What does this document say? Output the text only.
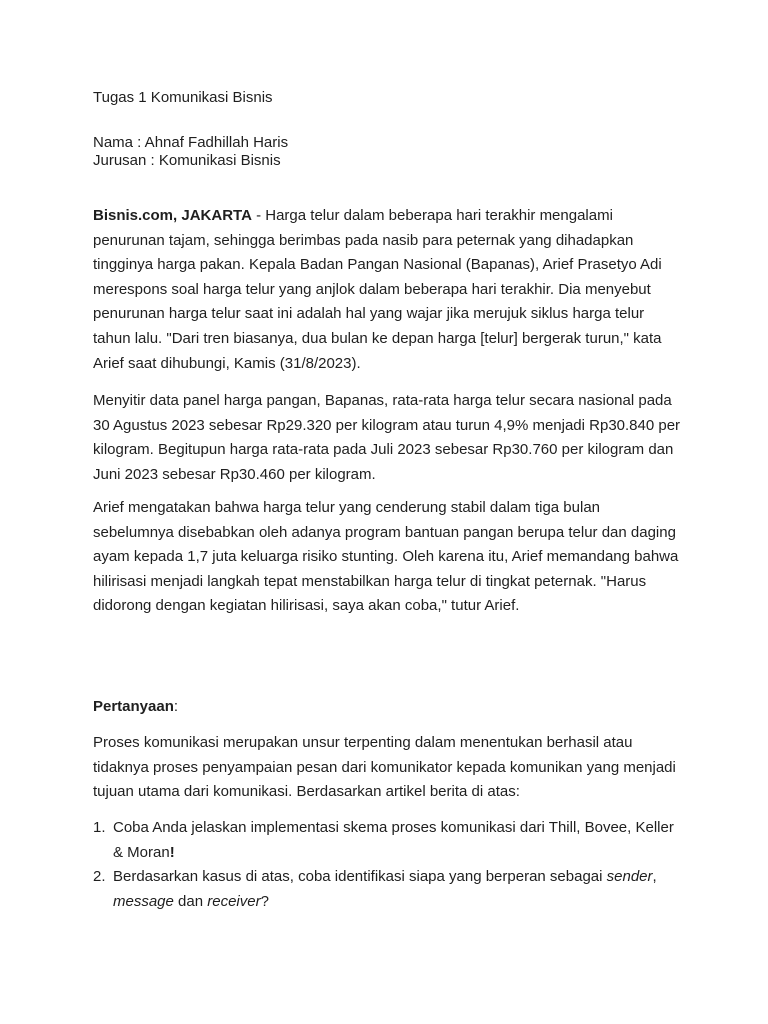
Tugas 1 Komunikasi Bisnis
Nama : Ahnaf Fadhillah Haris
Jurusan : Komunikasi Bisnis

Bisnis.com, JAKARTA - Harga telur dalam beberapa hari terakhir mengalami penurunan tajam, sehingga berimbas pada nasib para peternak yang dihadapkan tingginya harga pakan. Kepala Badan Pangan Nasional (Bapanas), Arief Prasetyo Adi merespons soal harga telur yang anjlok dalam beberapa hari terakhir. Dia menyebut penurunan harga telur saat ini adalah hal yang wajar jika merujuk siklus harga telur tahun lalu. "Dari tren biasanya, dua bulan ke depan harga [telur] bergerak turun," kata Arief saat dihubungi, Kamis (31/8/2023).

Menyitir data panel harga pangan, Bapanas, rata-rata harga telur secara nasional pada 30 Agustus 2023 sebesar Rp29.320 per kilogram atau turun 4,9% menjadi Rp30.840 per kilogram. Begitupun harga rata-rata pada Juli 2023 sebesar Rp30.760 per kilogram dan Juni 2023 sebesar Rp30.460 per kilogram.

Arief mengatakan bahwa harga telur yang cenderung stabil dalam tiga bulan sebelumnya disebabkan oleh adanya program bantuan pangan berupa telur dan daging ayam kepada 1,7 juta keluarga risiko stunting. Oleh karena itu, Arief memandang bahwa hilirisasi menjadi langkah tepat menstabilkan harga telur di tingkat peternak. "Harus didorong dengan kegiatan hilirisasi, saya akan coba," tutur Arief.

Pertanyaan:

Proses komunikasi merupakan unsur terpenting dalam menentukan berhasil atau tidaknya proses penyampaian pesan dari komunikator kepada komunikan yang menjadi tujuan utama dari komunikasi. Berdasarkan artikel berita di atas:

1. Coba Anda jelaskan implementasi skema proses komunikasi dari Thill, Bovee, Keller & Moran!
2. Berdasarkan kasus di atas, coba identifikasi siapa yang berperan sebagai sender, message dan receiver?
